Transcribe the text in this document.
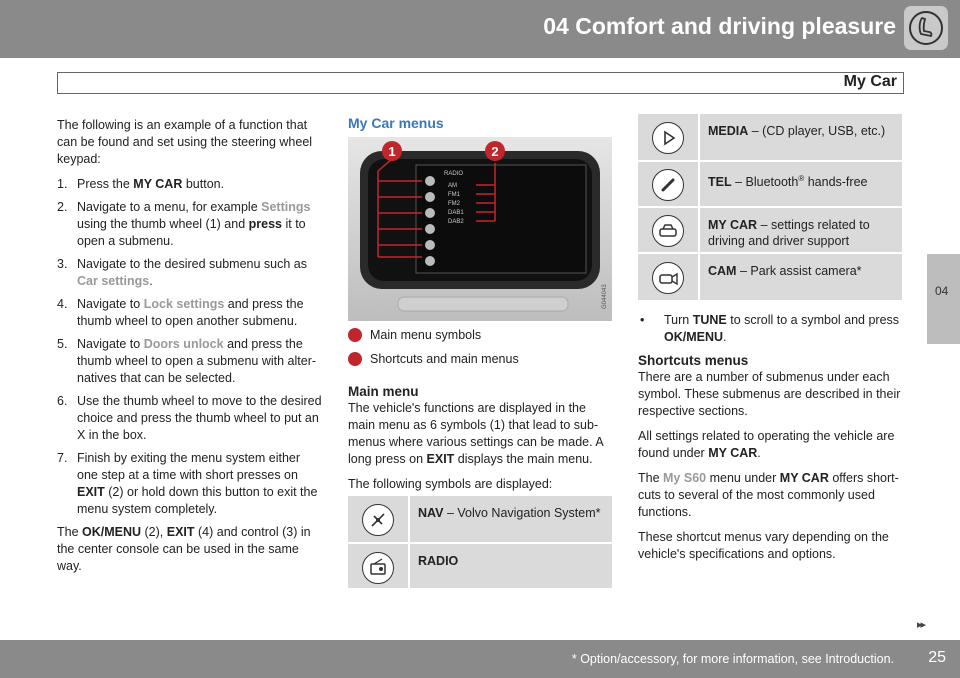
04 Comfort and driving pleasure
My Car
04

The following is an example of a function that can be found and set using the steering wheel keypad:

1. Press the MY CAR button.
2. Navigate to a menu, for example Settings using the thumb wheel (1) and press it to open a submenu.
3. Navigate to the desired submenu such as Car settings.
4. Navigate to Lock settings and press the thumb wheel to open another submenu.
5. Navigate to Doors unlock and press the thumb wheel to open a submenu with alter-natives that can be selected.
6. Use the thumb wheel to move to the desired choice and press the thumb wheel to put an X in the box.
7. Finish by exiting the menu system either one step at a time with short presses on EXIT (2) or hold down this button to exit the menu system completely.

The OK/MENU (2), EXIT (4) and control (3) in the center console can be used in the same way.

My Car menus
1	2
RADIO
AM
FM1
FM2
DAB1
DAB2
G044043
Main menu symbols
Shortcuts and main menus
Main menu

The vehicle's functions are displayed in the main menu as 6 symbols (1) that lead to sub-menus where various settings can be made. A long press on EXIT displays the main menu.

The following symbols are displayed:

NAV – Volvo Navigation System*
RADIO
MEDIA – (CD player, USB, etc.)
TEL – Bluetooth® hands-free
MY CAR – settings related to driving and driver support
CAM – Park assist camera*
•	Turn TUNE to scroll to a symbol and press OK/MENU.
Shortcuts menus

There are a number of submenus under each symbol. These submenus are described in their respective sections.

All settings related to operating the vehicle are found under MY CAR.

The My S60 menu under MY CAR offers short-cuts to several of the most commonly used functions.

These shortcut menus vary depending on the vehicle's specifications and options.

▸▸
* Option/accessory, for more information, see Introduction. 25
